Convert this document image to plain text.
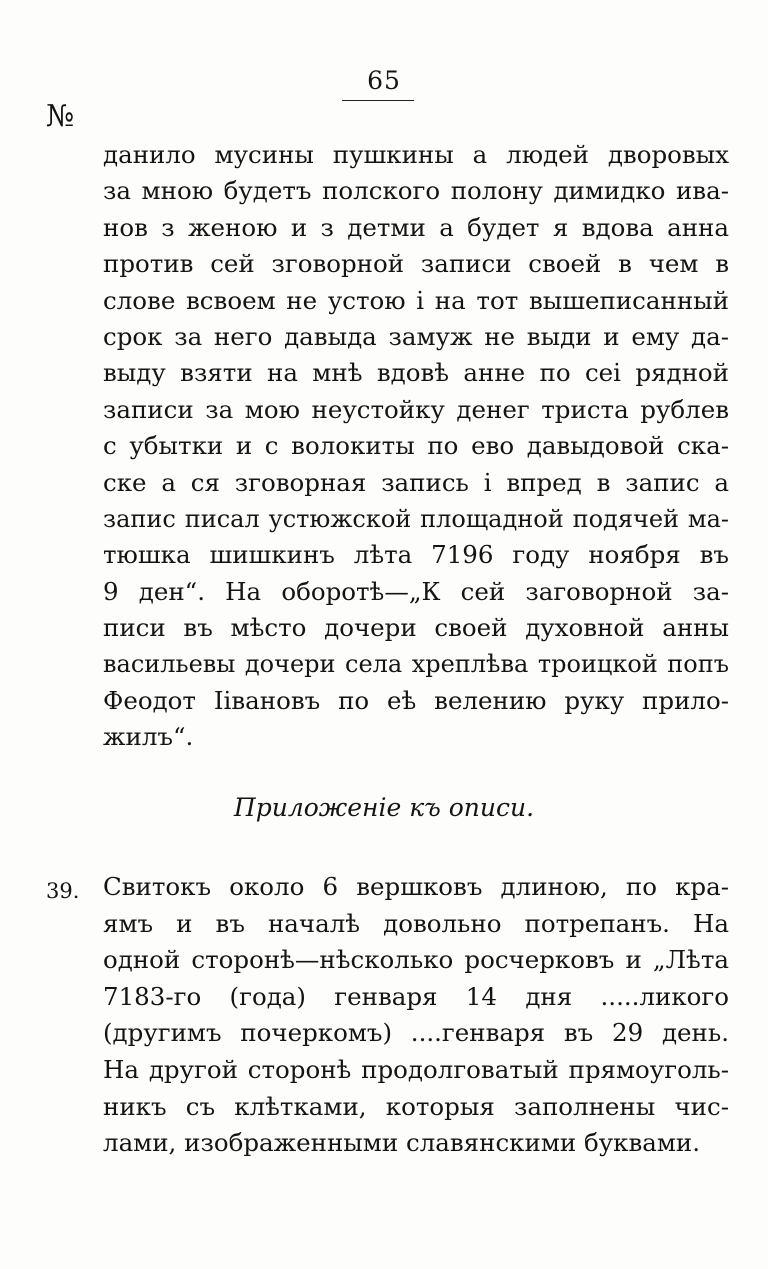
65
№
данило мусины пушкины а людей дворовых
за мною будетъ полского полону димидко ива-
нов з женою и з детми а будет я вдова анна
против сей зговорной записи своей в чем в
слове всвоем не устою і на тот вышеписанный
срок за него давыда замуж не выди и ему да-
выду взяти на мнѣ вдовѣ анне по сеі рядной
записи за мою неустойку денег триста рублев
с убытки и с волокиты по ево давыдовой ска-
ске а ся зговорная запись і впред в запис а
запис писал устюжской площадной подячей ма-
тюшка шишкинъ лѣта 7196 году ноября въ
9 ден“. На оборотѣ—„К сей заговорной за-
писи въ мѣсто дочери своей духовной анны
васильевы дочери села хреплѣва троицкой попъ
Феодот Іівановъ по еѣ велению руку прило-
жилъ“.
Приложеніе къ описи.
39. Свитокъ около 6 вершковъ длиною, по кра-
ямъ и въ началѣ довольно потрепанъ. На
одной сторонѣ—нѣсколько росчерковъ и „Лѣта
7183-го (года) генваря 14 дня .....ликого
(другимъ почеркомъ) ....генваря въ 29 день.
На другой сторонѣ продолговатый прямоуголь-
никъ съ клѣтками, которыя заполнены чис-
лами, изображенными славянскими буквами.
